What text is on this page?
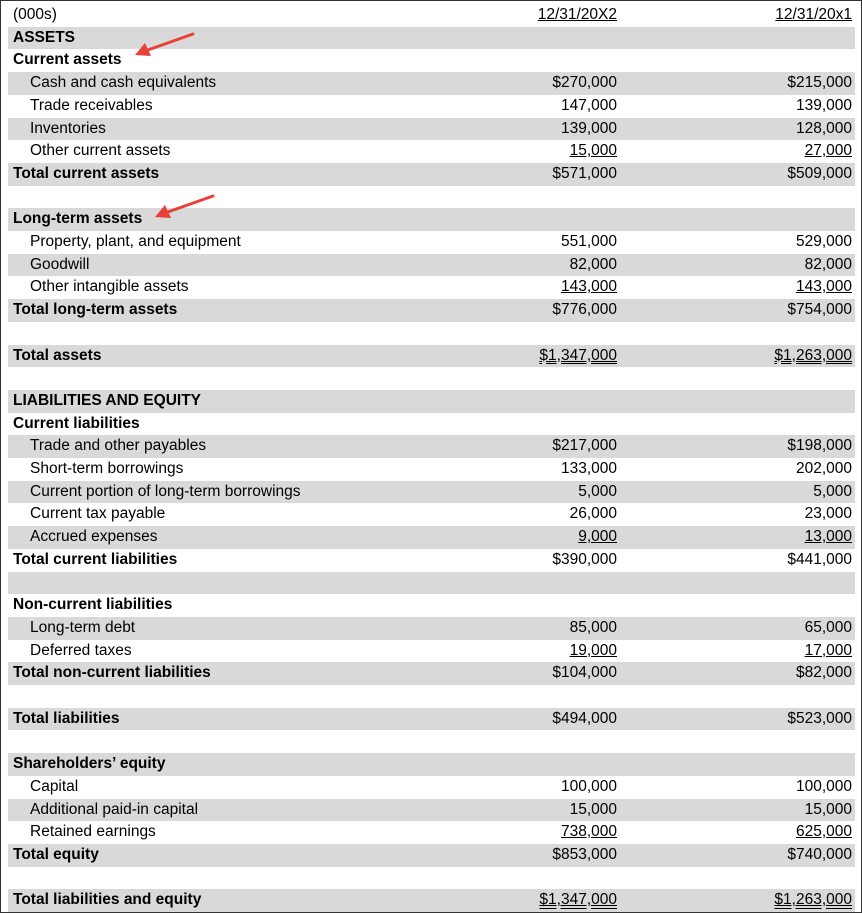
(000s)	12/31/20X2	12/31/20x1
ASSETS
Current assets
Cash and cash equivalents	$270,000	$215,000
Trade receivables	147,000	139,000
Inventories	139,000	128,000
Other current assets	15,000	27,000
Total current assets	$571,000	$509,000
Long-term assets
Property, plant, and equipment	551,000	529,000
Goodwill	82,000	82,000
Other intangible assets	143,000	143,000
Total long-term assets	$776,000	$754,000
Total assets	$1,347,000	$1,263,000
LIABILITIES AND EQUITY
Current liabilities
Trade and other payables	$217,000	$198,000
Short-term borrowings	133,000	202,000
Current portion of long-term borrowings	5,000	5,000
Current tax payable	26,000	23,000
Accrued expenses	9,000	13,000
Total current liabilities	$390,000	$441,000
Non-current liabilities
Long-term debt	85,000	65,000
Deferred taxes	19,000	17,000
Total non-current liabilities	$104,000	$82,000
Total liabilities	$494,000	$523,000
Shareholders’ equity
Capital	100,000	100,000
Additional paid-in capital	15,000	15,000
Retained earnings	738,000	625,000
Total equity	$853,000	$740,000
Total liabilities and equity	$1,347,000	$1,263,000
